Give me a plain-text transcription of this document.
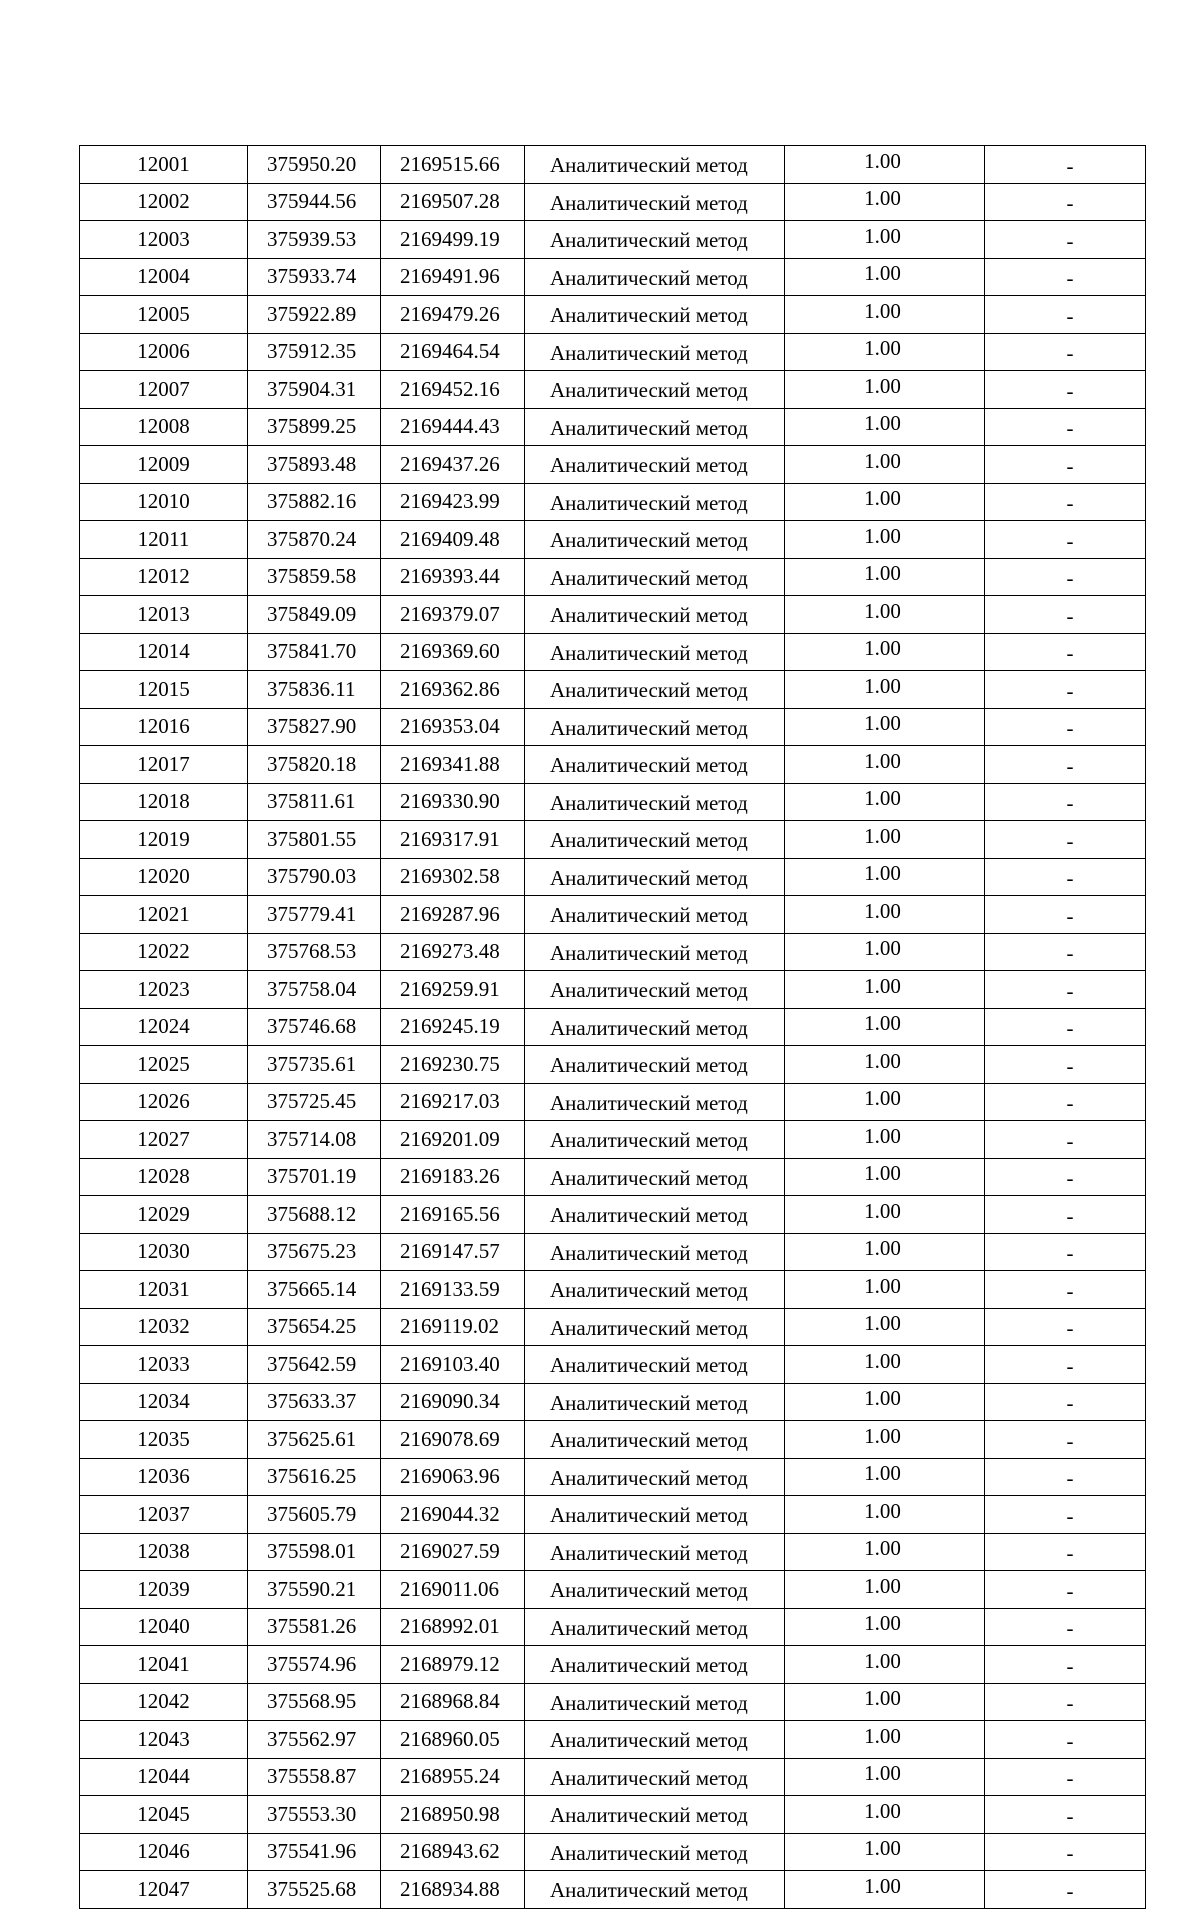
12001	375950.20	2169515.66	Аналитический метод	1.00	-
12002	375944.56	2169507.28	Аналитический метод	1.00	-
12003	375939.53	2169499.19	Аналитический метод	1.00	-
12004	375933.74	2169491.96	Аналитический метод	1.00	-
12005	375922.89	2169479.26	Аналитический метод	1.00	-
12006	375912.35	2169464.54	Аналитический метод	1.00	-
12007	375904.31	2169452.16	Аналитический метод	1.00	-
12008	375899.25	2169444.43	Аналитический метод	1.00	-
12009	375893.48	2169437.26	Аналитический метод	1.00	-
12010	375882.16	2169423.99	Аналитический метод	1.00	-
12011	375870.24	2169409.48	Аналитический метод	1.00	-
12012	375859.58	2169393.44	Аналитический метод	1.00	-
12013	375849.09	2169379.07	Аналитический метод	1.00	-
12014	375841.70	2169369.60	Аналитический метод	1.00	-
12015	375836.11	2169362.86	Аналитический метод	1.00	-
12016	375827.90	2169353.04	Аналитический метод	1.00	-
12017	375820.18	2169341.88	Аналитический метод	1.00	-
12018	375811.61	2169330.90	Аналитический метод	1.00	-
12019	375801.55	2169317.91	Аналитический метод	1.00	-
12020	375790.03	2169302.58	Аналитический метод	1.00	-
12021	375779.41	2169287.96	Аналитический метод	1.00	-
12022	375768.53	2169273.48	Аналитический метод	1.00	-
12023	375758.04	2169259.91	Аналитический метод	1.00	-
12024	375746.68	2169245.19	Аналитический метод	1.00	-
12025	375735.61	2169230.75	Аналитический метод	1.00	-
12026	375725.45	2169217.03	Аналитический метод	1.00	-
12027	375714.08	2169201.09	Аналитический метод	1.00	-
12028	375701.19	2169183.26	Аналитический метод	1.00	-
12029	375688.12	2169165.56	Аналитический метод	1.00	-
12030	375675.23	2169147.57	Аналитический метод	1.00	-
12031	375665.14	2169133.59	Аналитический метод	1.00	-
12032	375654.25	2169119.02	Аналитический метод	1.00	-
12033	375642.59	2169103.40	Аналитический метод	1.00	-
12034	375633.37	2169090.34	Аналитический метод	1.00	-
12035	375625.61	2169078.69	Аналитический метод	1.00	-
12036	375616.25	2169063.96	Аналитический метод	1.00	-
12037	375605.79	2169044.32	Аналитический метод	1.00	-
12038	375598.01	2169027.59	Аналитический метод	1.00	-
12039	375590.21	2169011.06	Аналитический метод	1.00	-
12040	375581.26	2168992.01	Аналитический метод	1.00	-
12041	375574.96	2168979.12	Аналитический метод	1.00	-
12042	375568.95	2168968.84	Аналитический метод	1.00	-
12043	375562.97	2168960.05	Аналитический метод	1.00	-
12044	375558.87	2168955.24	Аналитический метод	1.00	-
12045	375553.30	2168950.98	Аналитический метод	1.00	-
12046	375541.96	2168943.62	Аналитический метод	1.00	-
12047	375525.68	2168934.88	Аналитический метод	1.00	-
